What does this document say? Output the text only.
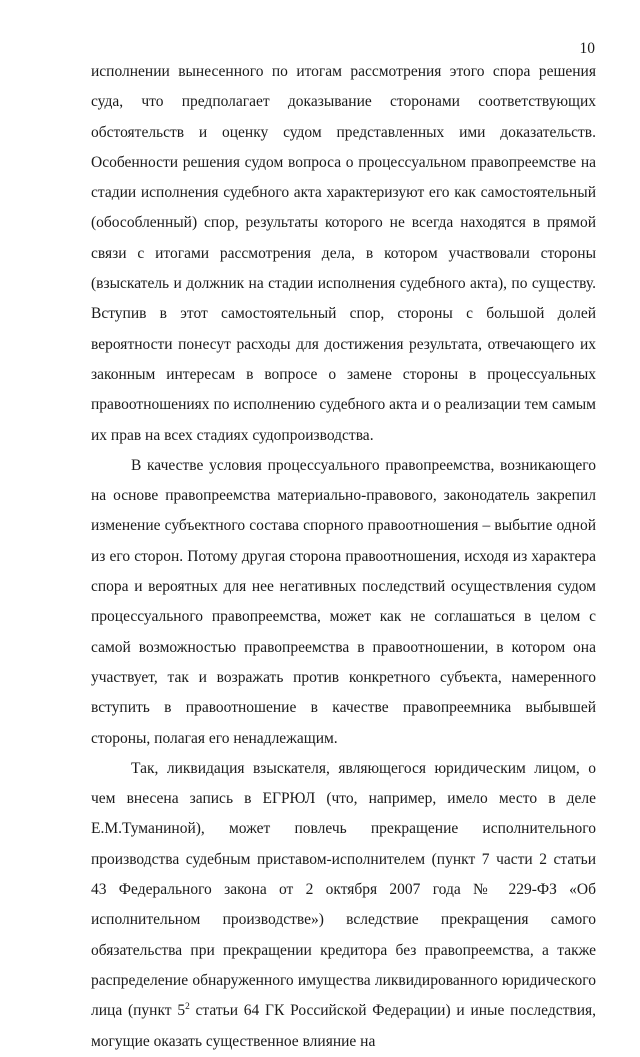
10

исполнении вынесенного по итогам рассмотрения этого спора решения суда, что предполагает доказывание сторонами соответствующих обстоятельств и оценку судом представленных ими доказательств. Особенности решения судом вопроса о процессуальном правопреемстве на стадии исполнения судебного акта характеризуют его как самостоятельный (обособленный) спор, результаты которого не всегда находятся в прямой связи с итогами рассмотрения дела, в котором участвовали стороны (взыскатель и должник на стадии исполнения судебного акта), по существу. Вступив в этот самостоятельный спор, стороны с большой долей вероятности понесут расходы для достижения результата, отвечающего их законным интересам в вопросе о замене стороны в процессуальных правоотношениях по исполнению судебного акта и о реализации тем самым их прав на всех стадиях судопроизводства.

В качестве условия процессуального правопреемства, возникающего на основе правопреемства материально-правового, законодатель закрепил изменение субъектного состава спорного правоотношения – выбытие одной из его сторон. Потому другая сторона правоотношения, исходя из характера спора и вероятных для нее негативных последствий осуществления судом процессуального правопреемства, может как не соглашаться в целом с самой возможностью правопреемства в правоотношении, в котором она участвует, так и возражать против конкретного субъекта, намеренного вступить в правоотношение в качестве правопреемника выбывшей стороны, полагая его ненадлежащим.

Так, ликвидация взыскателя, являющегося юридическим лицом, о чем внесена запись в ЕГРЮЛ (что, например, имело место в деле Е.М.Туманиной), может повлечь прекращение исполнительного производства судебным приставом-исполнителем (пункт 7 части 2 статьи 43 Федерального закона от 2 октября 2007 года № 229-ФЗ «Об исполнительном производстве») вследствие прекращения самого обязательства при прекращении кредитора без правопреемства, а также распределение обнаруженного имущества ликвидированного юридического лица (пункт $5^2$ статьи 64 ГК Российской Федерации) и иные последствия, могущие оказать существенное влияние на
